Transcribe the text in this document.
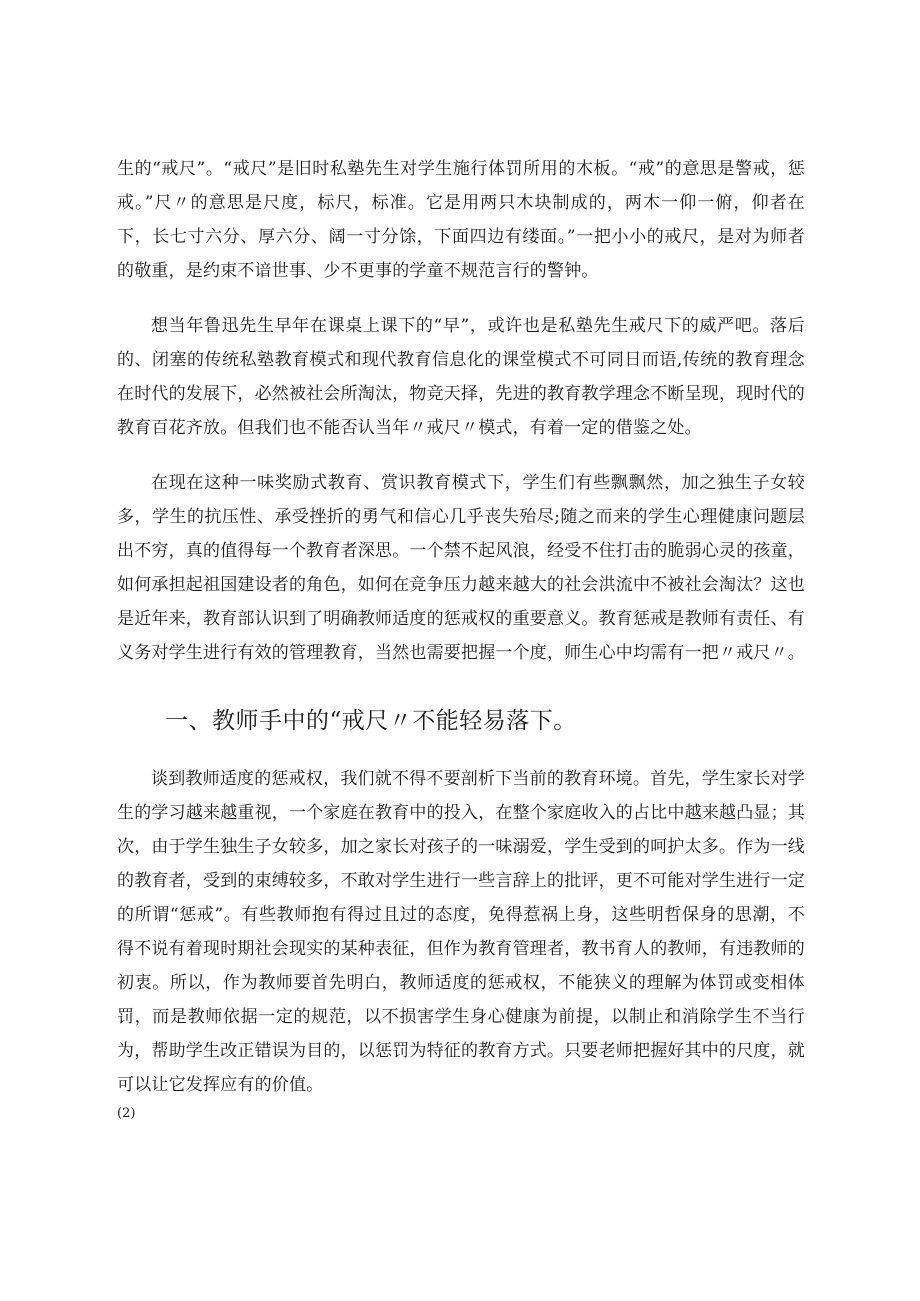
生的“戒尺”。“戒尺”是旧时私塾先生对学生施行体罚所用的木板。“戒”的意思是警戒，惩戒。”尺〃的意思是尺度，标尺，标准。它是用两只木块制成的，两木一仰一俯，仰者在下，长七寸六分、厚六分、阔一寸分馀，下面四边有缕面。”一把小小的戒尺，是对为师者的敬重，是约束不谙世事、少不更事的学童不规范言行的警钟。

想当年鲁迅先生早年在课桌上课下的“早”，或许也是私塾先生戒尺下的威严吧。落后的、闭塞的传统私塾教育模式和现代教育信息化的课堂模式不可同日而语,传统的教育理念在时代的发展下，必然被社会所淘汰，物竞天择，先进的教育教学理念不断呈现，现时代的教育百花齐放。但我们也不能否认当年〃戒尺〃模式，有着一定的借鉴之处。

在现在这种一味奖励式教育、赏识教育模式下，学生们有些飘飘然，加之独生子女较多，学生的抗压性、承受挫折的勇气和信心几乎丧失殆尽;随之而来的学生心理健康问题层出不穷，真的值得每一个教育者深思。一个禁不起风浪，经受不住打击的脆弱心灵的孩童，如何承担起祖国建设者的角色，如何在竞争压力越来越大的社会洪流中不被社会淘汰？这也是近年来，教育部认识到了明确教师适度的惩戒权的重要意义。教育惩戒是教师有责任、有义务对学生进行有效的管理教育，当然也需要把握一个度，师生心中均需有一把〃戒尺〃。

一、教师手中的“戒尺〃不能轻易落下。

谈到教师适度的惩戒权，我们就不得不要剖析下当前的教育环境。首先，学生家长对学生的学习越来越重视，一个家庭在教育中的投入，在整个家庭收入的占比中越来越凸显；其次，由于学生独生子女较多，加之家长对孩子的一味溺爱，学生受到的呵护太多。作为一线的教育者，受到的束缚较多，不敢对学生进行一些言辞上的批评，更不可能对学生进行一定的所谓“惩戒”。有些教师抱有得过且过的态度，免得惹祸上身，这些明哲保身的思潮，不得不说有着现时期社会现实的某种表征，但作为教育管理者，教书育人的教师，有违教师的初衷。所以，作为教师要首先明白，教师适度的惩戒权，不能狭义的理解为体罚或变相体罚，而是教师依据一定的规范，以不损害学生身心健康为前提，以制止和消除学生不当行为，帮助学生改正错误为目的，以惩罚为特征的教育方式。只要老师把握好其中的尺度，就可以让它发挥应有的价值。

(2)
